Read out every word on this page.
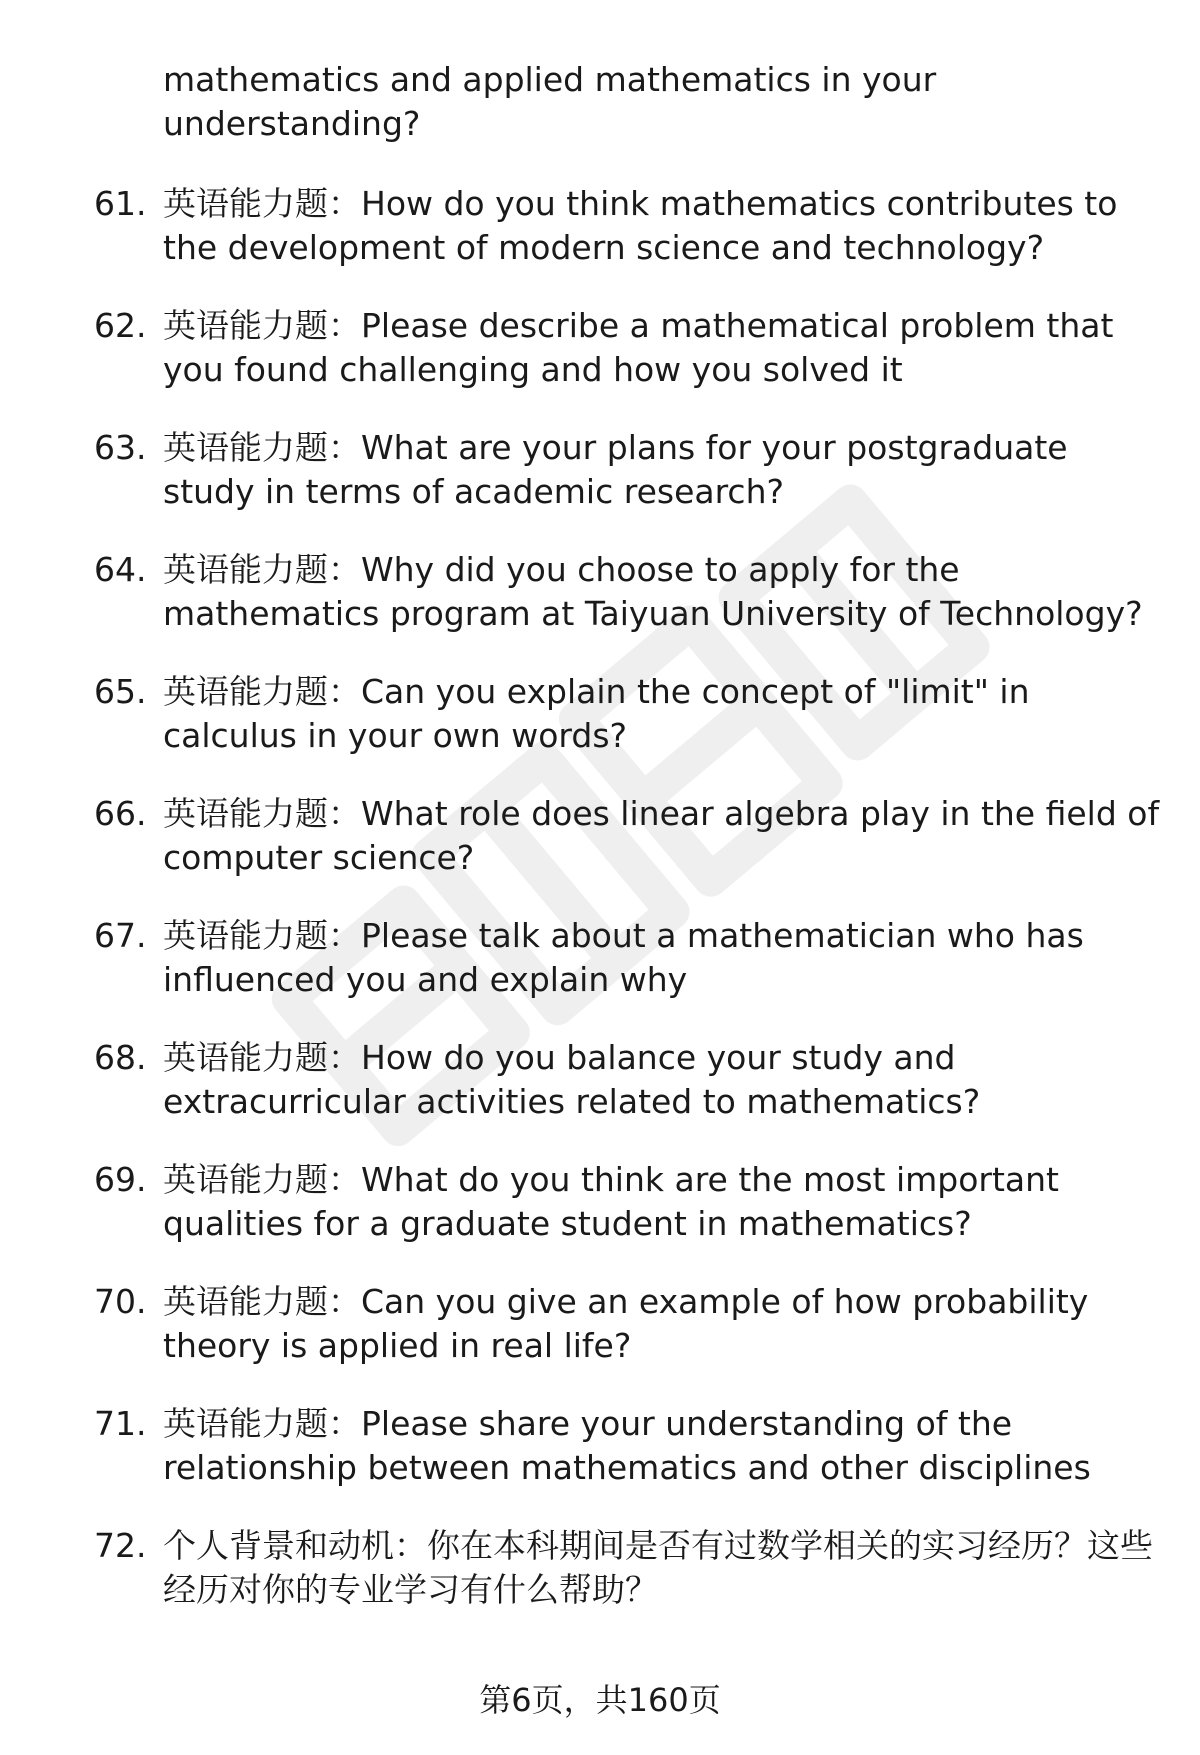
mathematics and applied mathematics in your understanding?

61. 英语能力题：How do you think mathematics contributes to the development of modern science and technology?
62. 英语能力题：Please describe a mathematical problem that you found challenging and how you solved it
63. 英语能力题：What are your plans for your postgraduate study in terms of academic research?
64. 英语能力题：Why did you choose to apply for the mathematics program at Taiyuan University of Technology?
65. 英语能力题：Can you explain the concept of "limit" in calculus in your own words?
66. 英语能力题：What role does linear algebra play in the field of computer science?
67. 英语能力题：Please talk about a mathematician who has influenced you and explain why
68. 英语能力题：How do you balance your study and extracurricular activities related to mathematics?
69. 英语能力题：What do you think are the most important qualities for a graduate student in mathematics?
70. 英语能力题：Can you give an example of how probability theory is applied in real life?
71. 英语能力题：Please share your understanding of the relationship between mathematics and other disciplines
72. 个人背景和动机：你在本科期间是否有过数学相关的实习经历？这些经历对你的专业学习有什么帮助？
第6页，共160页
